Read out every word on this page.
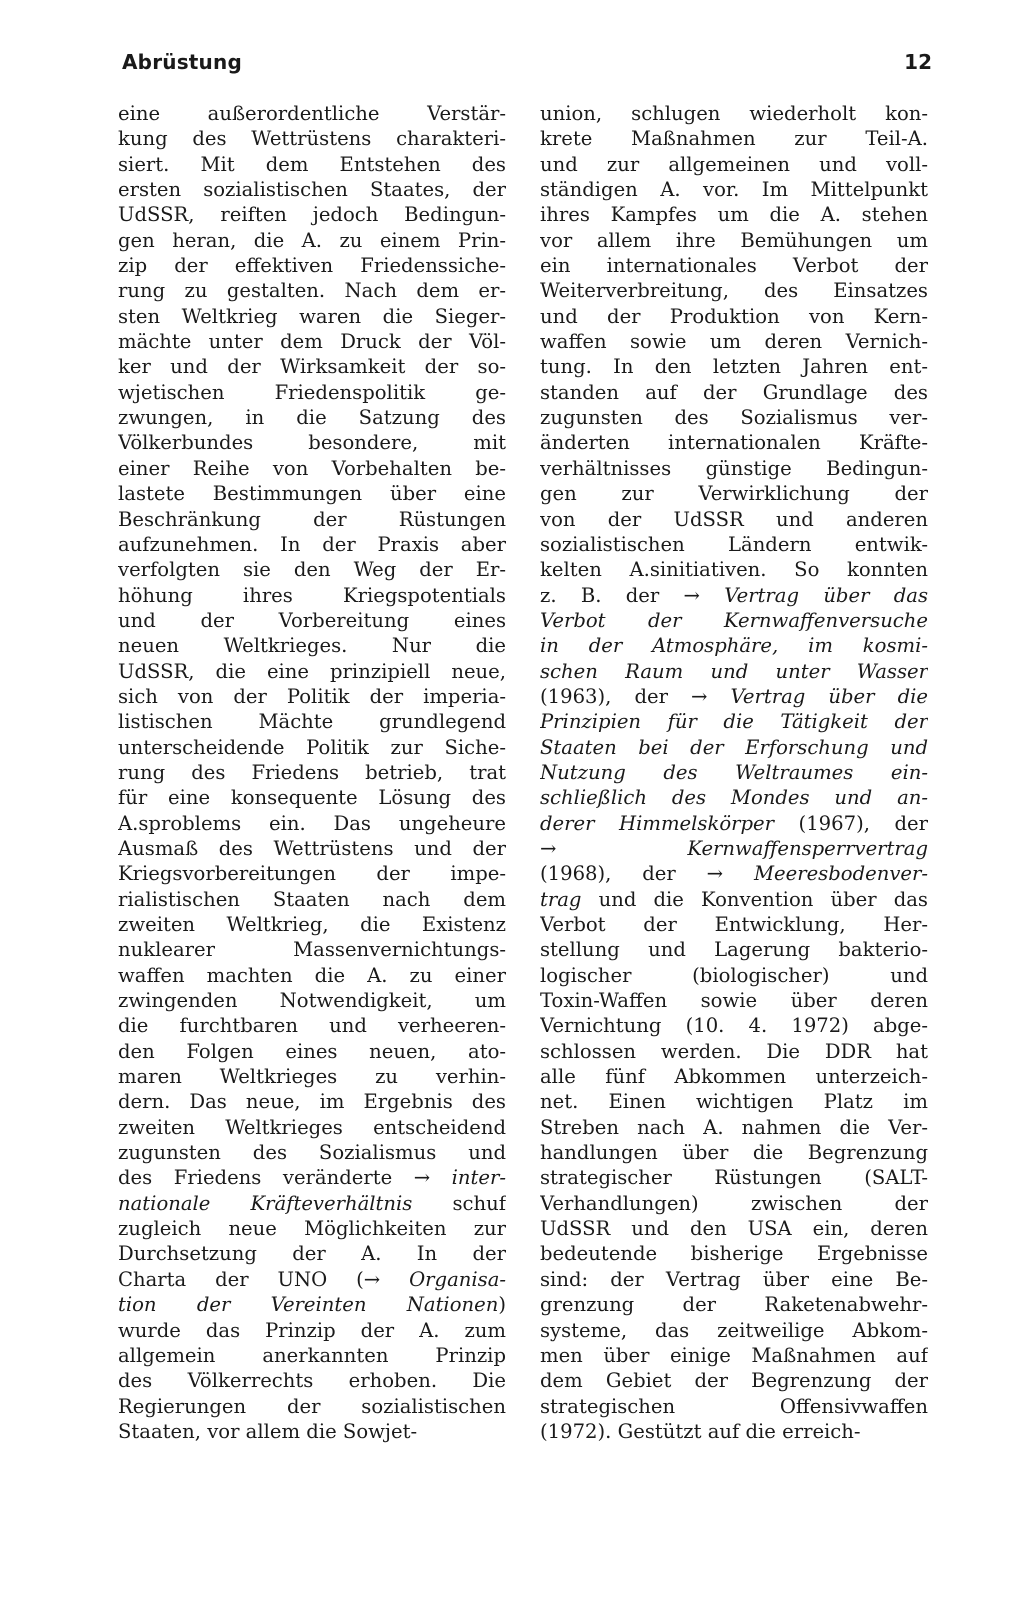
Abrüstung	12
eine außerordentliche Verstär-
kung des Wettrüstens charakteri-
siert. Mit dem Entstehen des
ersten sozialistischen Staates, der
UdSSR, reiften jedoch Bedingun-
gen heran, die A. zu einem Prin-
zip der effektiven Friedenssiche-
rung zu gestalten. Nach dem er-
sten Weltkrieg waren die Sieger-
mächte unter dem Druck der Völ-
ker und der Wirksamkeit der so-
wjetischen Friedenspolitik ge-
zwungen, in die Satzung des
Völkerbundes besondere, mit
einer Reihe von Vorbehalten be-
lastete Bestimmungen über eine
Beschränkung der Rüstungen
aufzunehmen. In der Praxis aber
verfolgten sie den Weg der Er-
höhung ihres Kriegspotentials
und der Vorbereitung eines
neuen Weltkrieges. Nur die
UdSSR, die eine prinzipiell neue,
sich von der Politik der imperia-
listischen Mächte grundlegend
unterscheidende Politik zur Siche-
rung des Friedens betrieb, trat
für eine konsequente Lösung des
A.sproblems ein. Das ungeheure
Ausmaß des Wettrüstens und der
Kriegsvorbereitungen der impe-
rialistischen Staaten nach dem
zweiten Weltkrieg, die Existenz
nuklearer Massenvernichtungs-
waffen machten die A. zu einer
zwingenden Notwendigkeit, um
die furchtbaren und verheeren-
den Folgen eines neuen, ato-
maren Weltkrieges zu verhin-
dern. Das neue, im Ergebnis des
zweiten Weltkrieges entscheidend
zugunsten des Sozialismus und
des Friedens veränderte → inter-
nationale Kräfteverhältnis schuf
zugleich neue Möglichkeiten zur
Durchsetzung der A. In der
Charta der UNO (→ Organisa-
tion der Vereinten Nationen)
wurde das Prinzip der A. zum
allgemein anerkannten Prinzip
des Völkerrechts erhoben. Die
Regierungen der sozialistischen
Staaten, vor allem die Sowjet-
union, schlugen wiederholt kon-
krete Maßnahmen zur Teil-A.
und zur allgemeinen und voll-
ständigen A. vor. Im Mittelpunkt
ihres Kampfes um die A. stehen
vor allem ihre Bemühungen um
ein internationales Verbot der
Weiterverbreitung, des Einsatzes
und der Produktion von Kern-
waffen sowie um deren Vernich-
tung. In den letzten Jahren ent-
standen auf der Grundlage des
zugunsten des Sozialismus ver-
änderten internationalen Kräfte-
verhältnisses günstige Bedingun-
gen zur Verwirklichung der
von der UdSSR und anderen
sozialistischen Ländern entwik-
kelten A.sinitiativen. So konnten
z. B. der → Vertrag über das
Verbot der Kernwaffenversuche
in der Atmosphäre, im kosmi-
schen Raum und unter Wasser
(1963), der → Vertrag über die
Prinzipien für die Tätigkeit der
Staaten bei der Erforschung und
Nutzung des Weltraumes ein-
schließlich des Mondes und an-
derer Himmelskörper (1967), der
→ Kernwaffensperrvertrag
(1968), der → Meeresbodenver-
trag und die Konvention über das
Verbot der Entwicklung, Her-
stellung und Lagerung bakterio-
logischer (biologischer) und
Toxin-Waffen sowie über deren
Vernichtung (10. 4. 1972) abge-
schlossen werden. Die DDR hat
alle fünf Abkommen unterzeich-
net. Einen wichtigen Platz im
Streben nach A. nahmen die Ver-
handlungen über die Begrenzung
strategischer Rüstungen (SALT-
Verhandlungen) zwischen der
UdSSR und den USA ein, deren
bedeutende bisherige Ergebnisse
sind: der Vertrag über eine Be-
grenzung der Raketenabwehr-
systeme, das zeitweilige Abkom-
men über einige Maßnahmen auf
dem Gebiet der Begrenzung der
strategischen Offensivwaffen
(1972). Gestützt auf die erreich-
